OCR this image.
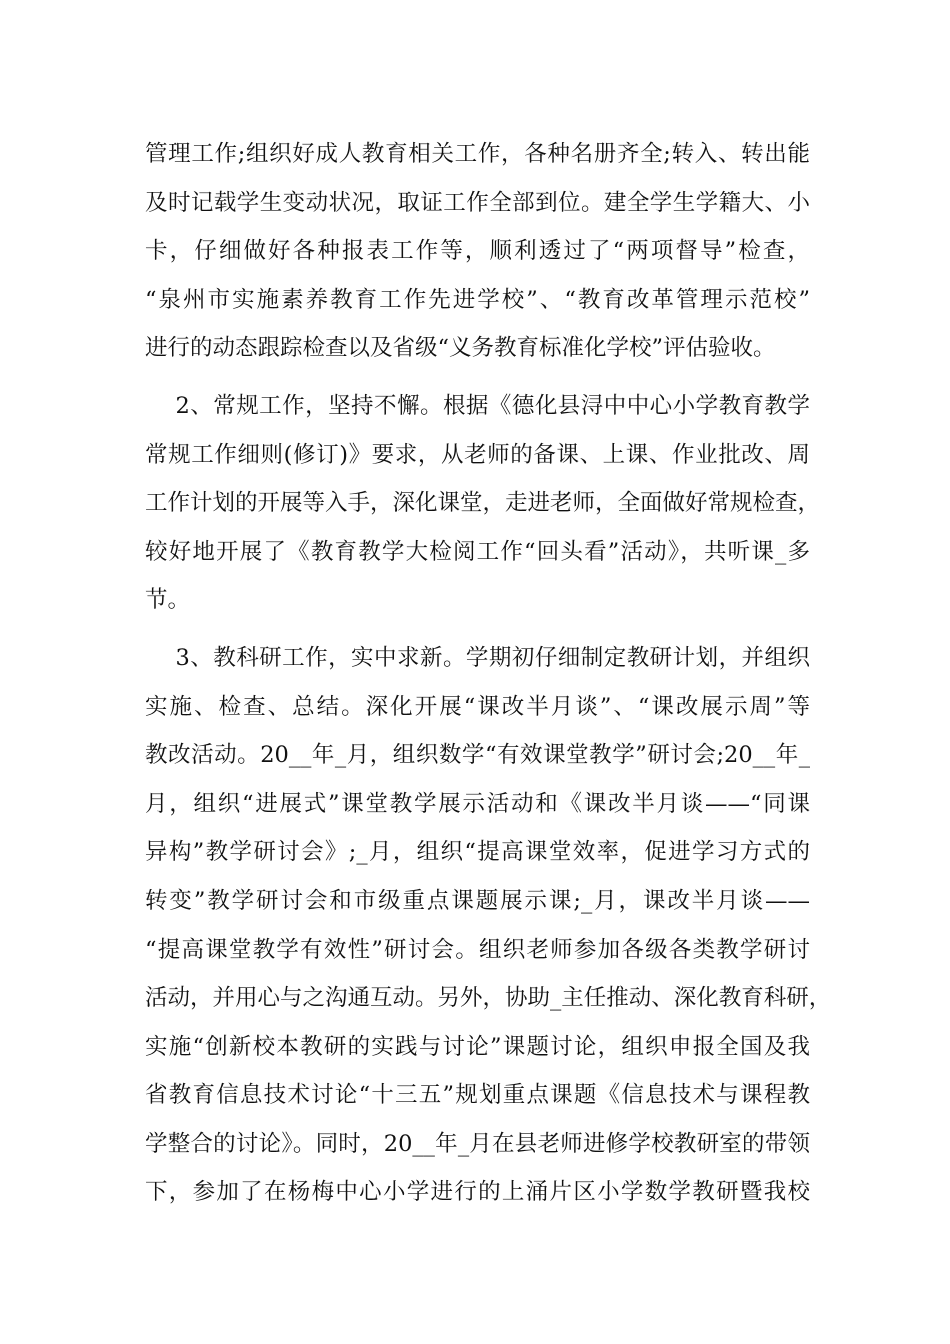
管理工作;组织好成人教育相关工作，各种名册齐全;转入、转出能
及时记载学生变动状况，取证工作全部到位。建全学生学籍大、小
卡，仔细做好各种报表工作等，顺利透过了“两项督导”检查，
“泉州市实施素养教育工作先进学校”、“教育改革管理示范校”
进行的动态跟踪检查以及省级“义务教育标准化学校”评估验收。
2、常规工作，坚持不懈。根据《德化县浔中中心小学教育教学
常规工作细则(修订)》要求，从老师的备课、上课、作业批改、周
工作计划的开展等入手，深化课堂，走进老师，全面做好常规检查，
较好地开展了《教育教学大检阅工作“回头看”活动》，共听课_多
节。
3、教科研工作，实中求新。学期初仔细制定教研计划，并组织
实施、检查、总结。深化开展“课改半月谈”、“课改展示周”等
教改活动。20__年_月，组织数学“有效课堂教学”研讨会;20__年_
月，组织“进展式”课堂教学展示活动和《课改半月谈——“同课
异构”教学研讨会》;_月，组织“提高课堂效率，促进学习方式的
转变”教学研讨会和市级重点课题展示课;_月，课改半月谈——
“提高课堂教学有效性”研讨会。组织老师参加各级各类教学研讨
活动，并用心与之沟通互动。另外，协助_主任推动、深化教育科研，
实施“创新校本教研的实践与讨论”课题讨论，组织申报全国及我
省教育信息技术讨论“十三五”规划重点课题《信息技术与课程教
学整合的讨论》。同时，20__年_月在县老师进修学校教研室的带领
下，参加了在杨梅中心小学进行的上涌片区小学数学教研暨我校
